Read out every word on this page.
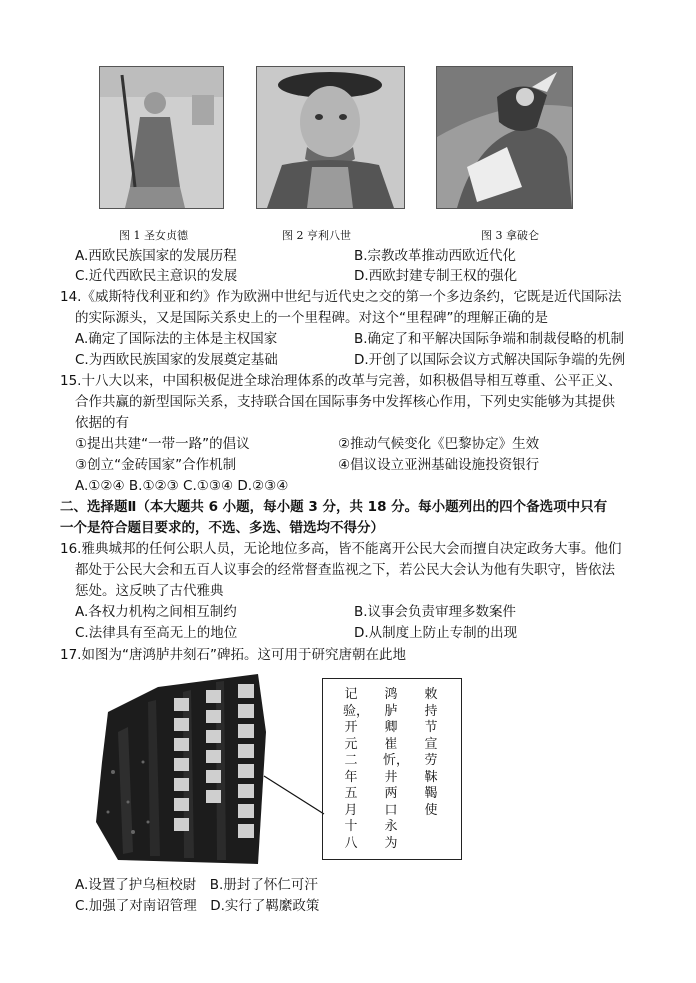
图 1 圣女贞德	图 2 亨利八世	图 3 拿破仑
A.西欧民族国家的发展历程	B.宗教改革推动西欧近代化
C.近代西欧民主意识的发展	D.西欧封建专制王权的强化
14.《威斯特伐利亚和约》作为欧洲中世纪与近代史之交的第一个多边条约，它既是近代国际法
的实际源头，又是国际关系史上的一个里程碑。对这个“里程碑”的理解正确的是
A.确定了国际法的主体是主权国家	B.确定了和平解决国际争端和制裁侵略的机制
C.为西欧民族国家的发展奠定基础	D.开创了以国际会议方式解决国际争端的先例
15.十八大以来，中国积极促进全球治理体系的改革与完善，如积极倡导相互尊重、公平正义、
合作共赢的新型国际关系，支持联合国在国际事务中发挥核心作用，下列史实能够为其提供
依据的有
①提出共建“一带一路”的倡议	②推动气候变化《巴黎协定》生效
③创立“金砖国家”合作机制	④倡议设立亚洲基础设施投资银行
A.①②④ B.①②③ C.①③④ D.②③④
二、选择题Ⅱ（本大题共 6 小题，每小题 3 分，共 18 分。每小题列出的四个备选项中只有
一个是符合题目要求的，不选、多选、错选均不得分）
16.雅典城邦的任何公职人员，无论地位多高，皆不能离开公民大会而擅自决定政务大事。他们
都处于公民大会和五百人议事会的经常督查监视之下，若公民大会认为他有失职守，皆依法
惩处。这反映了古代雅典
A.各权力机构之间相互制约	B.议事会负责审理多数案件
C.法律具有至高无上的地位	D.从制度上防止专制的出现
17.如图为“唐鸿胪井刻石”碑拓。这可用于研究唐朝在此地
敕持节宣劳靺鞨使
鸿胪卿崔忻，井两口永为
记验，开元二年五月十八
A.设置了护乌桓校尉　B.册封了怀仁可汗
C.加强了对南诏管理　D.实行了羁縻政策
